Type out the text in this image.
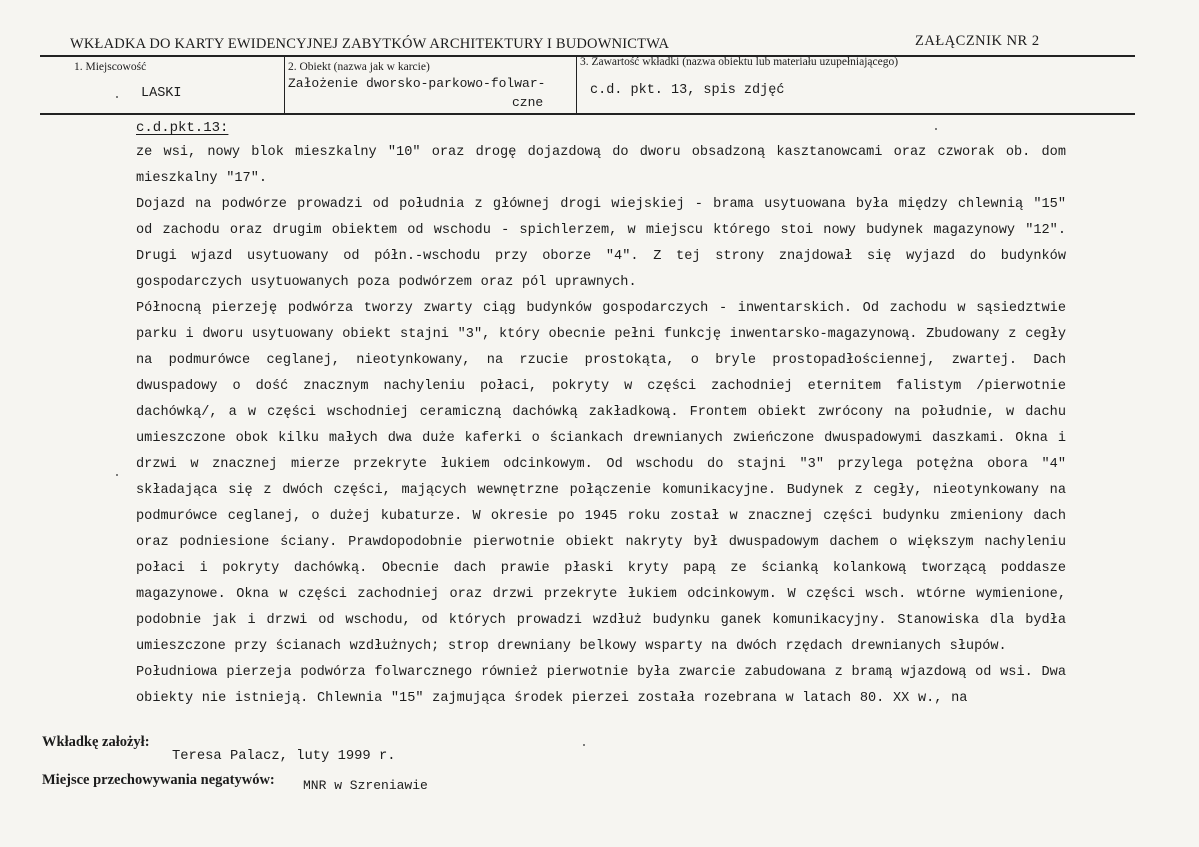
WKŁADKA DO KARTY EWIDENCYJNEJ ZABYTKÓW ARCHITEKTURY I BUDOWNICTWA	ZAŁĄCZNIK NR 2
1. Miejscowość
LASKI
2. Obiekt (nazwa jak w karcie)
Założenie dworsko-parkowo-folwar-
czne
3. Zawartość wkładki (nazwa obiektu lub materiału uzupełniającego)
c.d. pkt. 13, spis zdjęć
c.d.pkt.13:

ze wsi, nowy blok mieszkalny "10" oraz drogę dojazdową do dworu obsadzoną kasztanowcami oraz czworak ob. dom mieszkalny "17".

Dojazd na podwórze prowadzi od południa z głównej drogi wiejskiej - brama usytuowana była między chlewnią "15" od zachodu oraz drugim obiektem od wschodu - spichlerzem, w miejscu którego stoi nowy budynek magazynowy "12". Drugi wjazd usytuowany od półn.-wschodu przy oborze "4". Z tej strony znajdował się wyjazd do budynków gospodarczych usytuowanych poza podwórzem oraz pól uprawnych.

Północną pierzeję podwórza tworzy zwarty ciąg budynków gospodarczych - inwentarskich. Od zachodu w sąsiedztwie parku i dworu usytuowany obiekt stajni "3", który obecnie pełni funkcję inwentarsko-magazynową. Zbudowany z cegły na podmurówce ceglanej, nieotynkowany, na rzucie prostokąta, o bryle prostopadłościennej, zwartej. Dach dwuspadowy o dość znacznym nachyleniu połaci, pokryty w części zachodniej eternitem falistym /pierwotnie dachówką/, a w części wschodniej ceramiczną dachówką zakładkową. Frontem obiekt zwrócony na południe, w dachu umieszczone obok kilku małych dwa duże kaferki o ściankach drewnianych zwieńczone dwuspadowymi daszkami. Okna i drzwi w znacznej mierze przekryte łukiem odcinkowym. Od wschodu do stajni "3" przylega potężna obora "4" składająca się z dwóch części, mających wewnętrzne połączenie komunikacyjne. Budynek z cegły, nieotynkowany na podmurówce ceglanej, o dużej kubaturze. W okresie po 1945 roku został w znacznej części budynku zmieniony dach oraz podniesione ściany. Prawdopodobnie pierwotnie obiekt nakryty był dwuspadowym dachem o większym nachyleniu połaci i pokryty dachówką. Obecnie dach prawie płaski kryty papą ze ścianką kolankową tworzącą poddasze magazynowe. Okna w części zachodniej oraz drzwi przekryte łukiem odcinkowym. W części wsch. wtórne wymienione, podobnie jak i drzwi od wschodu, od których prowadzi wzdłuż budynku ganek komunikacyjny. Stanowiska dla bydła umieszczone przy ścianach wzdłużnych; strop drewniany belkowy wsparty na dwóch rzędach drewnianych słupów.

Południowa pierzeja podwórza folwarcznego również pierwotnie była zwarcie zabudowana z bramą wjazdową od wsi. Dwa obiekty nie istnieją. Chlewnia "15" zajmująca środek pierzei została rozebrana w latach 80. XX w., na

Wkładkę założył:
Teresa Palacz, luty 1999 r.
Miejsce przechowywania negatywów: MNR w Szreniawie
